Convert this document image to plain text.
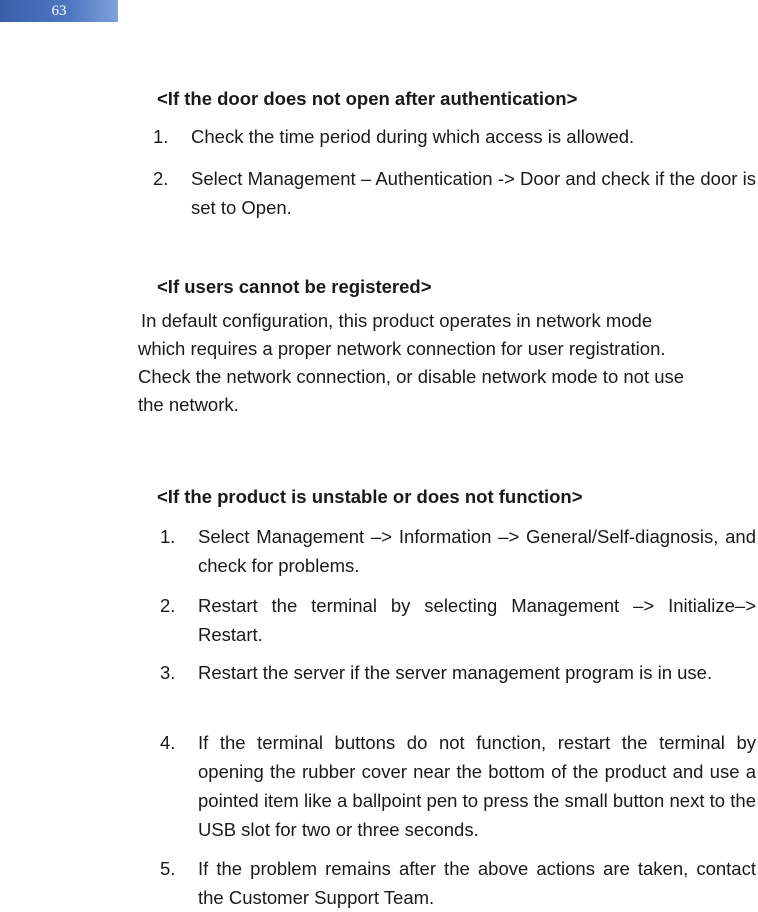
63
<If the door does not open after authentication>
1. Check the time period during which access is allowed.
2. Select Management – Authentication -> Door and check if the door is set to Open.
<If users cannot be registered>
In default configuration, this product operates in network mode
which requires a proper network connection for user registration.
Check the network connection, or disable network mode to not use
the network.
<If the product is unstable or does not function>
1. Select Management –> Information –> General/Self-diagnosis, and check for problems.
2. Restart the terminal by selecting Management –> Initialize–> Restart.
3. Restart the server if the server management program is in use.
4. If the terminal buttons do not function, restart the terminal by opening the rubber cover near the bottom of the product and use a pointed item like a ballpoint pen to press the small button next to the USB slot for two or three seconds.
5. If the problem remains after the above actions are taken, contact the Customer Support Team.
